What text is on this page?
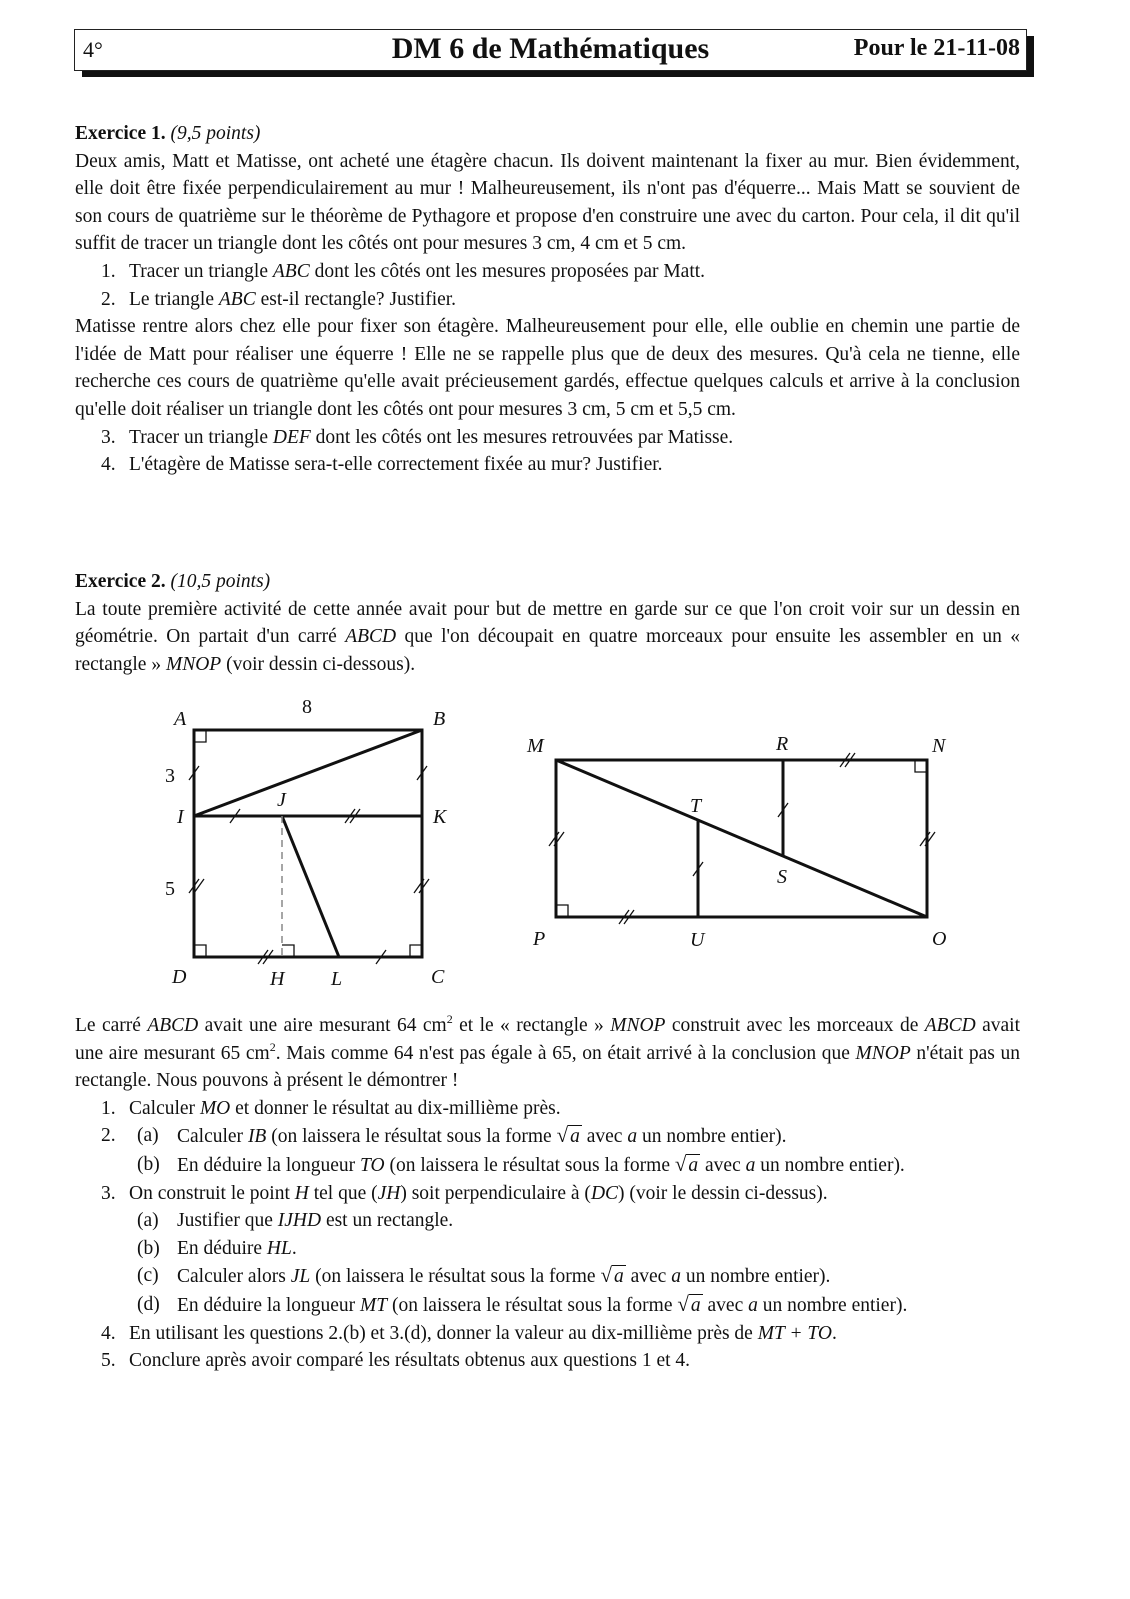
4°	DM 6 de Mathématiques	Pour le 21-11-08
Exercice 1. (9,5 points)

Deux amis, Matt et Matisse, ont acheté une étagère chacun. Ils doivent maintenant la fixer au mur. Bien évidemment, elle doit être fixée perpendiculairement au mur ! Malheureusement, ils n'ont pas d'équerre... Mais Matt se souvient de son cours de quatrième sur le théorème de Pythagore et propose d'en construire une avec du carton. Pour cela, il dit qu'il suffit de tracer un triangle dont les côtés ont pour mesures 3 cm, 4 cm et 5 cm.

1. Tracer un triangle ABC dont les côtés ont les mesures proposées par Matt.
2. Le triangle ABC est-il rectangle? Justifier.

Matisse rentre alors chez elle pour fixer son étagère. Malheureusement pour elle, elle oublie en chemin une partie de l'idée de Matt pour réaliser une équerre ! Elle ne se rappelle plus que de deux des mesures. Qu'à cela ne tienne, elle recherche ces cours de quatrième qu'elle avait précieusement gardés, effectue quelques calculs et arrive à la conclusion qu'elle doit réaliser un triangle dont les côtés ont pour mesures 3 cm, 5 cm et 5,5 cm.

3. Tracer un triangle DEF dont les côtés ont les mesures retrouvées par Matisse.
4. L'étagère de Matisse sera-t-elle correctement fixée au mur? Justifier.
Exercice 2. (10,5 points)

La toute première activité de cette année avait pour but de mettre en garde sur ce que l'on croit voir sur un dessin en géométrie. On partait d'un carré ABCD que l'on découpait en quatre morceaux pour ensuite les assembler en un « rectangle » MNOP (voir dessin ci-dessous).

A	B
C
D
I
J
K
H L
8
3
5
M	N
O
P
R
T
S
U

Le carré ABCD avait une aire mesurant 64 $cm^2$ et le « rectangle » MNOP construit avec les morceaux de ABCD avait une aire mesurant 65 $cm^2$. Mais comme 64 n'est pas égale à 65, on était arrivé à la conclusion que MNOP n'était pas un rectangle. Nous pouvons à présent le démontrer !

1. Calculer MO et donner le résultat au dix-millième près.
2. (a) Calculer IB (on laissera le résultat sous la forme √ a avec a un nombre entier).
(b) En déduire la longueur TO (on laissera le résultat sous la forme √ a avec a un nombre entier).
3. On construit le point H tel que (JH) soit perpendiculaire à (DC) (voir le dessin ci-dessus).
(a) Justifier que IJHD est un rectangle.
(b) En déduire HL.
(c) Calculer alors JL (on laissera le résultat sous la forme √ a avec a un nombre entier).
(d) En déduire la longueur MT (on laissera le résultat sous la forme √ a avec a un nombre entier).
4. En utilisant les questions 2.(b) et 3.(d), donner la valeur au dix-millième près de MT + TO.
5. Conclure après avoir comparé les résultats obtenus aux questions 1 et 4.
